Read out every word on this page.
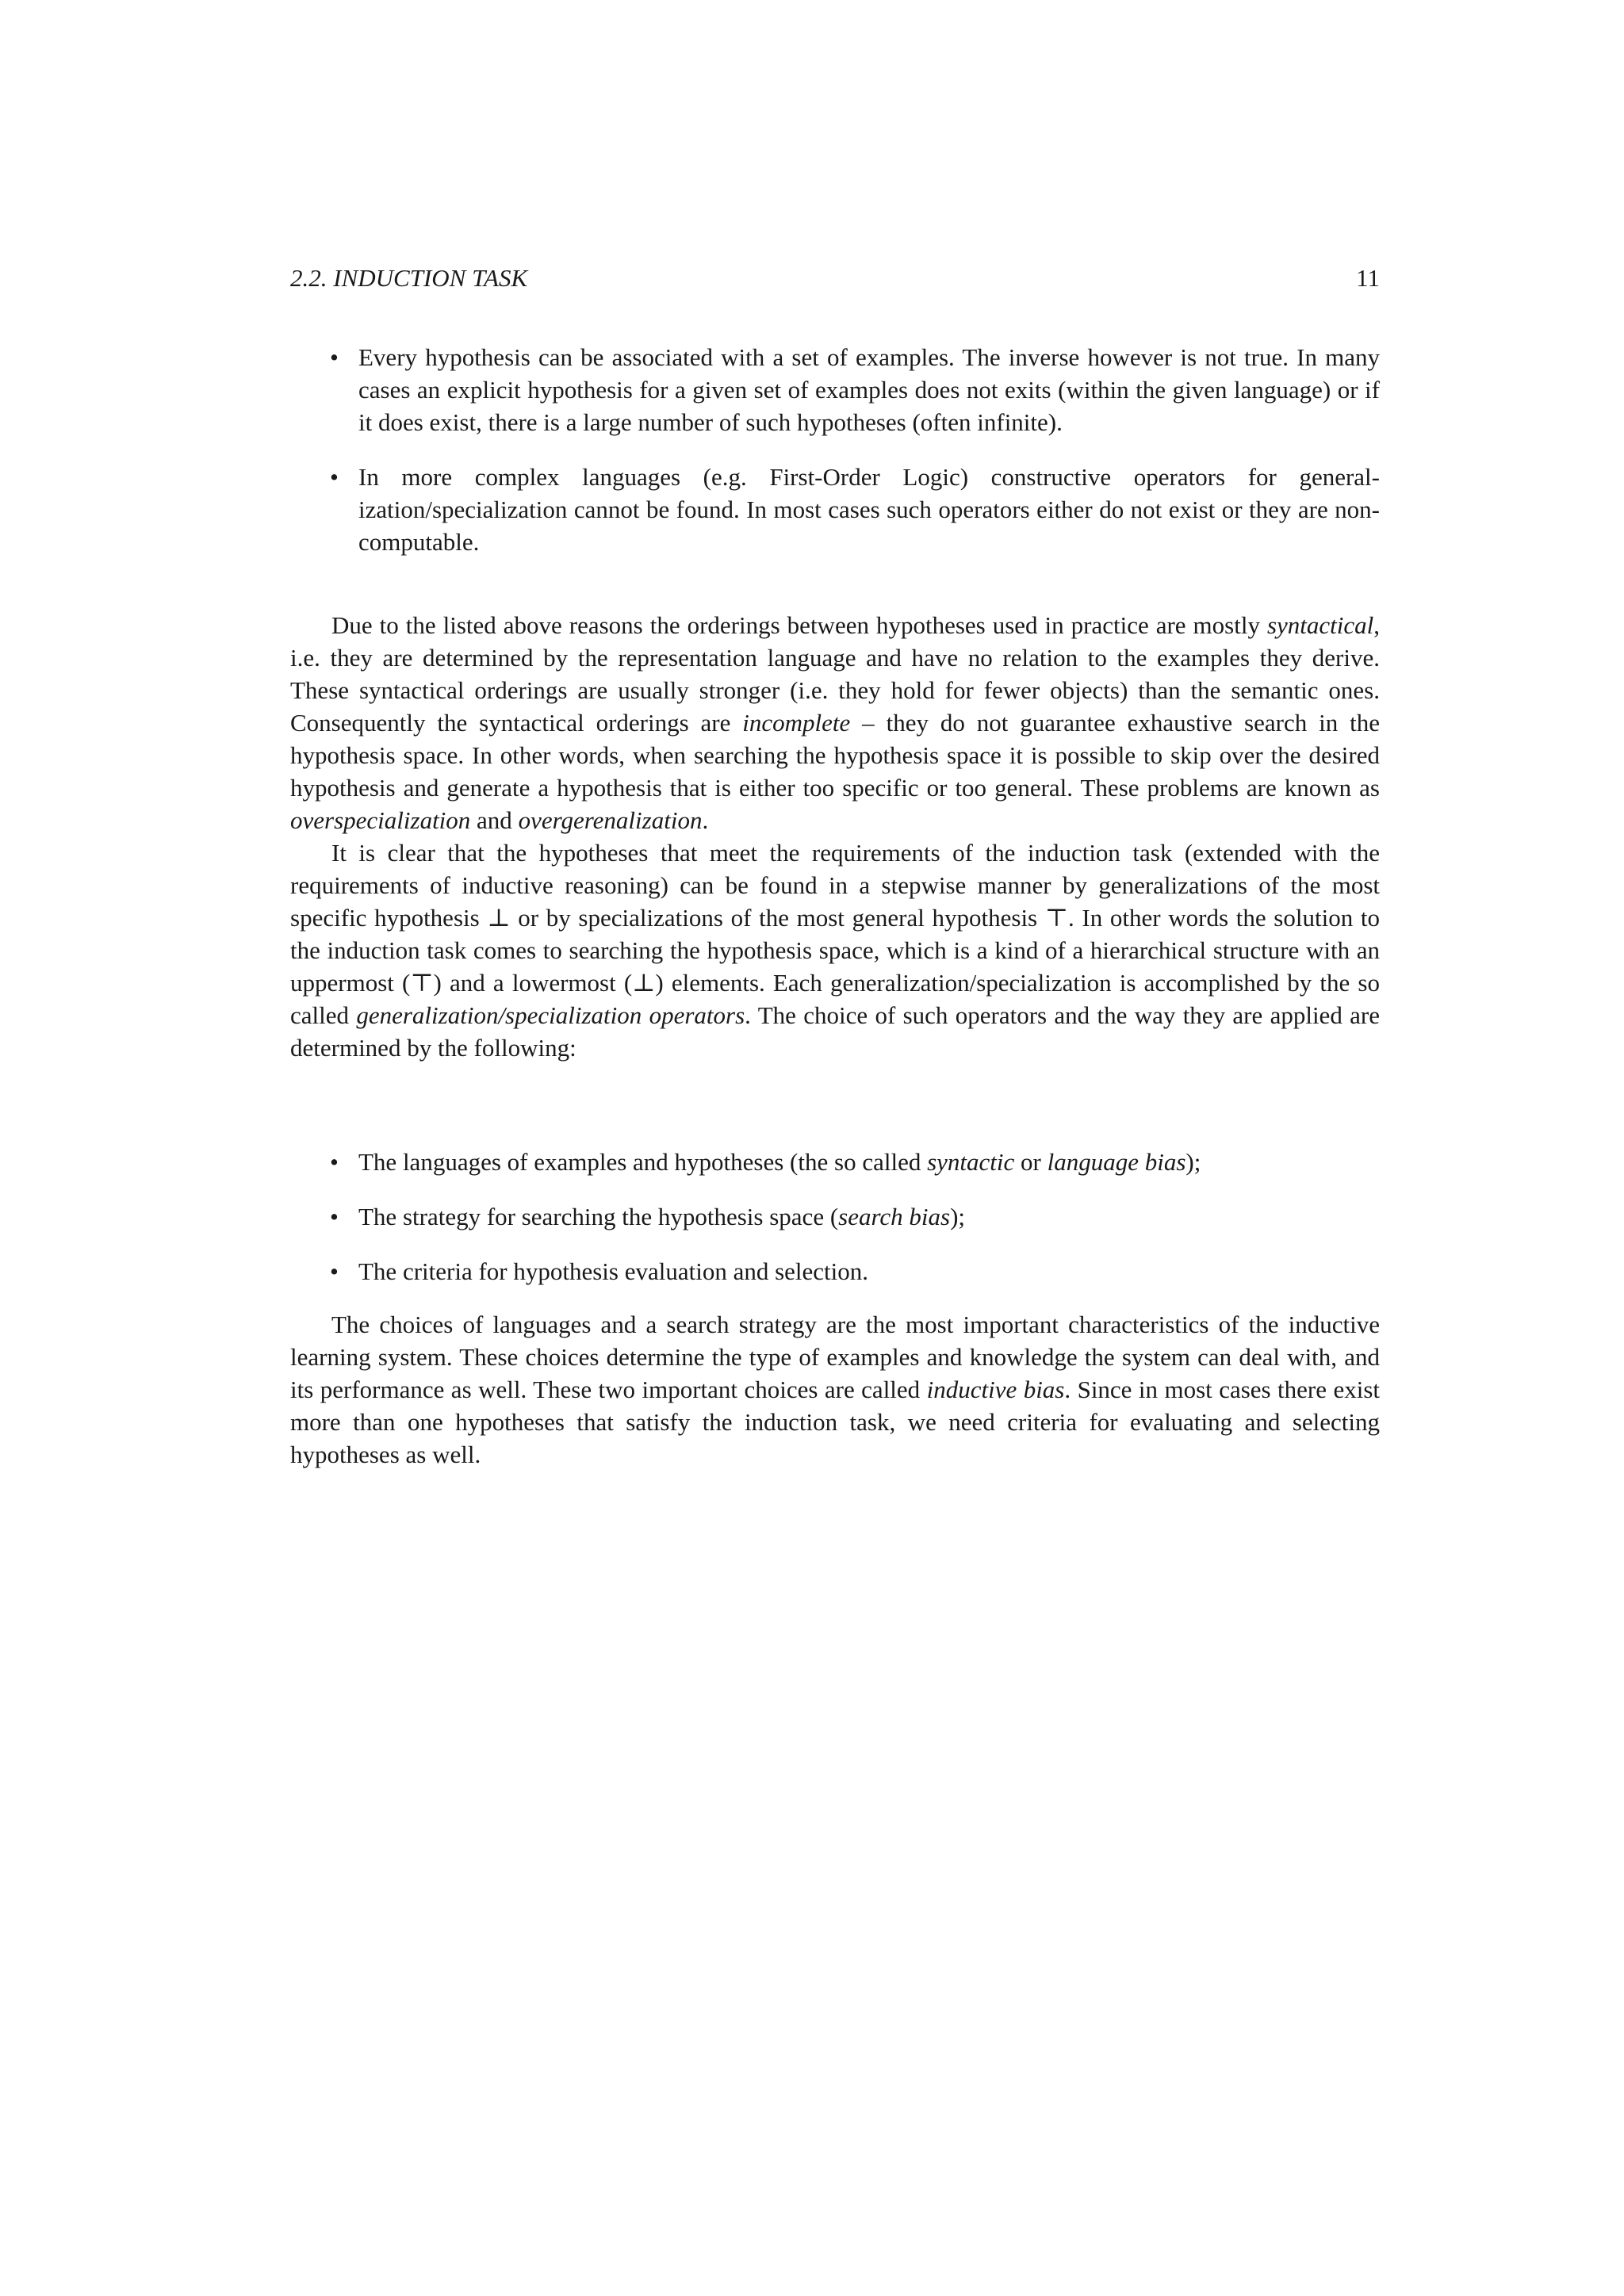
2.2. INDUCTION TASK	11
• Every hypothesis can be associated with a set of examples. The inverse however is not true. In many cases an explicit hypothesis for a given set of examples does not exits (within the given language) or if it does exist, there is a large number of such hypotheses (often infinite).
• In more complex languages (e.g. First-Order Logic) constructive operators for generalization/specialization cannot be found. In most cases such operators either do not exist or they are non-computable.

Due to the listed above reasons the orderings between hypotheses used in practice are mostly syntactical, i.e. they are determined by the representation language and have no relation to the examples they derive. These syntactical orderings are usually stronger (i.e. they hold for fewer objects) than the semantic ones. Consequently the syntactical orderings are incomplete – they do not guarantee exhaustive search in the hypothesis space. In other words, when searching the hypothesis space it is possible to skip over the desired hypothesis and generate a hypothesis that is either too specific or too general. These problems are known as overspecialization and overgerenalization.

It is clear that the hypotheses that meet the requirements of the induction task (extended with the requirements of inductive reasoning) can be found in a stepwise manner by generalizations of the most specific hypothesis ⊥ or by specializations of the most general hypothesis ⊤. In other words the solution to the induction task comes to searching the hypothesis space, which is a kind of a hierarchical structure with an uppermost (⊤) and a lowermost (⊥) elements. Each generalization/specialization is accomplished by the so called generalization/specialization operators. The choice of such operators and the way they are applied are determined by the following:

• The languages of examples and hypotheses (the so called syntactic or language bias);
• The strategy for searching the hypothesis space (search bias);
• The criteria for hypothesis evaluation and selection.

The choices of languages and a search strategy are the most important characteristics of the inductive learning system. These choices determine the type of examples and knowledge the system can deal with, and its performance as well. These two important choices are called inductive bias. Since in most cases there exist more than one hypotheses that satisfy the induction task, we need criteria for evaluating and selecting hypotheses as well.
